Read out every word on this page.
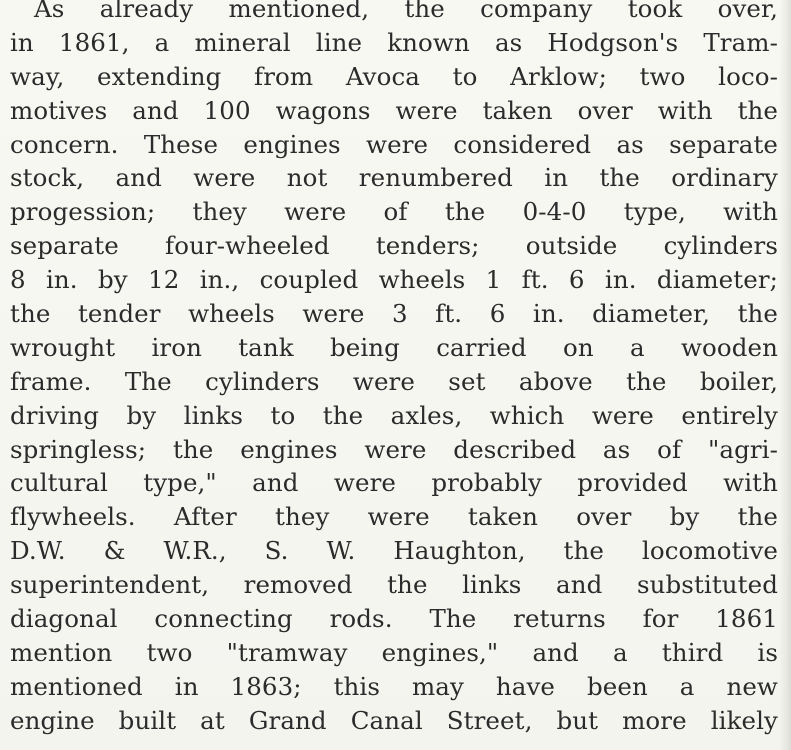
As already mentioned, the company took over,
in 1861, a mineral line known as Hodgson's Tram-
way, extending from Avoca to Arklow; two loco-
motives and 100 wagons were taken over with the
concern. These engines were considered as separate
stock, and were not renumbered in the ordinary
progession; they were of the 0-4-0 type, with
separate four-wheeled tenders; outside cylinders
8 in. by 12 in., coupled wheels 1 ft. 6 in. diameter;
the tender wheels were 3 ft. 6 in. diameter, the
wrought iron tank being carried on a wooden
frame. The cylinders were set above the boiler,
driving by links to the axles, which were entirely
springless; the engines were described as of "agri-
cultural type," and were probably provided with
flywheels. After they were taken over by the
D.W. & W.R., S. W. Haughton, the locomotive
superintendent, removed the links and substituted
diagonal connecting rods. The returns for 1861
mention two "tramway engines," and a third is
mentioned in 1863; this may have been a new
engine built at Grand Canal Street, but more likely
